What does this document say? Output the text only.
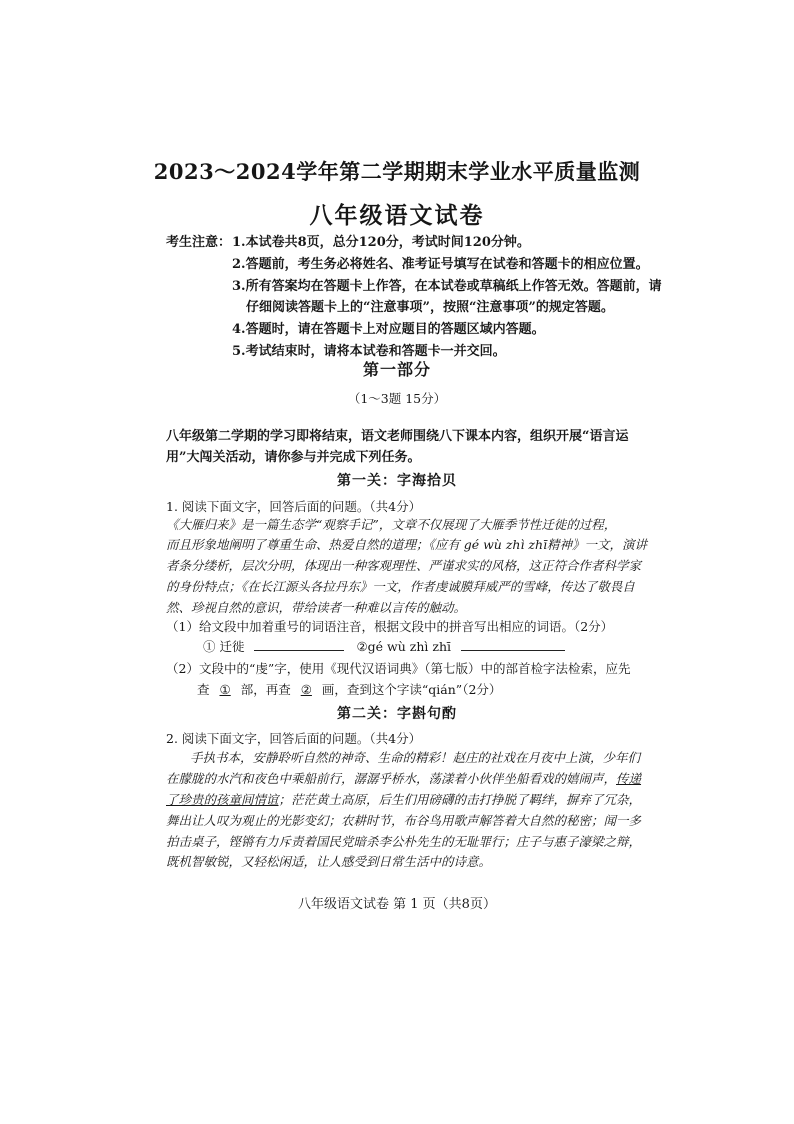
2023～2024学年第二学期期末学业水平质量监测
八年级语文试卷
考生注意： 1.本试卷共8页，总分120分，考试时间120分钟。
2.答题前，考生务必将姓名、准考证号填写在试卷和答题卡的相应位置。
3.所有答案均在答题卡上作答，在本试卷或草稿纸上作答无效。答题前，请
仔细阅读答题卡上的“注意事项”，按照“注意事项”的规定答题。
4.答题时，请在答题卡上对应题目的答题区域内答题。
5.考试结束时，请将本试卷和答题卡一并交回。
第一部分
（1～3题 15分）
八年级第二学期的学习即将结束，语文老师围绕八下课本内容，组织开展“语言运
用”大闯关活动，请你参与并完成下列任务。
第一关：字海拾贝
1. 阅读下面文字，回答后面的问题。（共4分）
《大雁归来》是一篇生态学“观察手记”，文章不仅展现了大雁季节性迁徙的过程，
而且形象地阐明了尊重生命、热爱自然的道理；《应有 gé wù zhì zhī精神》一文，演讲
者条分缕析，层次分明，体现出一种客观理性、严谨求实的风格，这正符合作者科学家
的身份特点；《在长江源头各拉丹东》一文，作者虔诚膜拜威严的雪峰，传达了敬畏自
然、珍视自然的意识，带给读者一种难以言传的触动。
（1）给文段中加着重号的词语注音，根据文段中的拼音写出相应的词语。（2分）
① 迁徙	②gé wù zhì zhī
（2）文段中的“虔”字，使用《现代汉语词典》（第七版）中的部首检字法检索，应先
查 ① 部，再查 ② 画，查到这个字读“qián”（2分）
第二关：字斟句酌
2. 阅读下面文字，回答后面的问题。（共4分）
手执书本，安静聆听自然的神奇、生命的精彩！赵庄的社戏在月夜中上演，少年们
在朦胧的水汽和夜色中乘船前行，潺潺乎桥水，荡漾着小伙伴坐船看戏的嬉闹声，传递
了珍贵的孩童间情谊；茫茫黄土高原，后生们用磅礴的击打挣脱了羁绊，摒弃了冗杂，
舞出让人叹为观止的光影变幻；农耕时节，布谷鸟用歌声解答着大自然的秘密；闻一多
拍击桌子，铿锵有力斥责着国民党暗杀李公朴先生的无耻罪行；庄子与惠子濠梁之辩，
既机智敏锐，又轻松闲适，让人感受到日常生活中的诗意。
八年级语文试卷 第 1 页（共8页）
